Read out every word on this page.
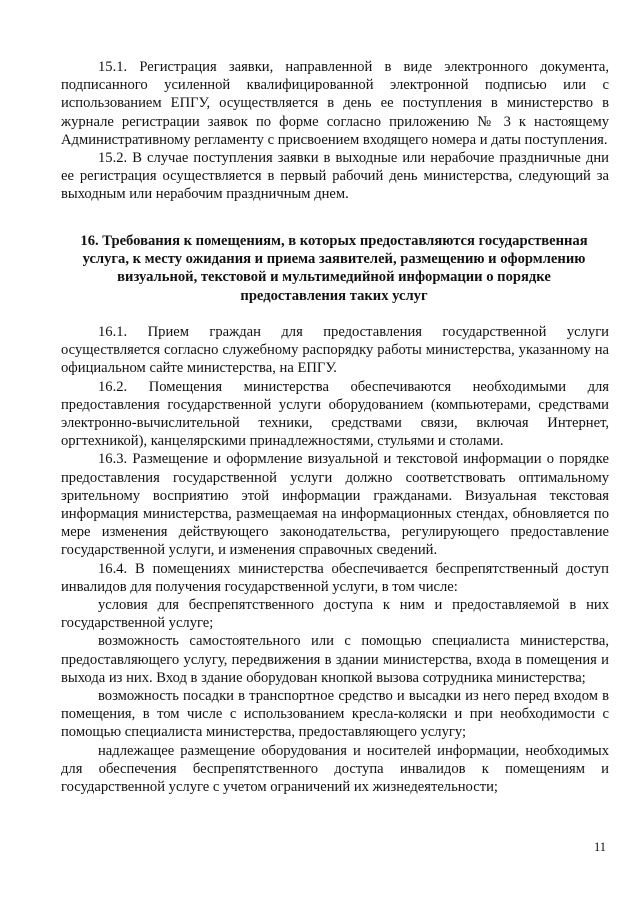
15.1. Регистрация заявки, направленной в виде электронного документа, подписанного усиленной квалифицированной электронной подписью или с использованием ЕПГУ, осуществляется в день ее поступления в министерство в журнале регистрации заявок по форме согласно приложению № 3 к настоящему Административному регламенту с присвоением входящего номера и даты поступления.

15.2. В случае поступления заявки в выходные или нерабочие праздничные дни ее регистрация осуществляется в первый рабочий день министерства, следующий за выходным или нерабочим праздничным днем.

16. Требования к помещениям, в которых предоставляются государственная услуга, к месту ожидания и приема заявителей, размещению и оформлению визуальной, текстовой и мультимедийной информации о порядке предоставления таких услуг

16.1. Прием граждан для предоставления государственной услуги осуществляется согласно служебному распорядку работы министерства, указанному на официальном сайте министерства, на ЕПГУ.

16.2. Помещения министерства обеспечиваются необходимыми для предоставления государственной услуги оборудованием (компьютерами, средствами электронно-вычислительной техники, средствами связи, включая Интернет, оргтехникой), канцелярскими принадлежностями, стульями и столами.

16.3. Размещение и оформление визуальной и текстовой информации о порядке предоставления государственной услуги должно соответствовать оптимальному зрительному восприятию этой информации гражданами. Визуальная текстовая информация министерства, размещаемая на информационных стендах, обновляется по мере изменения действующего законодательства, регулирующего предоставление государственной услуги, и изменения справочных сведений.

16.4. В помещениях министерства обеспечивается беспрепятственный доступ инвалидов для получения государственной услуги, в том числе:

условия для беспрепятственного доступа к ним и предоставляемой в них государственной услуге;

возможность самостоятельного или с помощью специалиста министерства, предоставляющего услугу, передвижения в здании министерства, входа в помещения и выхода из них. Вход в здание оборудован кнопкой вызова сотрудника министерства;

возможность посадки в транспортное средство и высадки из него перед входом в помещения, в том числе с использованием кресла-коляски и при необходимости с помощью специалиста министерства, предоставляющего услугу;

надлежащее размещение оборудования и носителей информации, необходимых для обеспечения беспрепятственного доступа инвалидов к помещениям и государственной услуге с учетом ограничений их жизнедеятельности;

11
